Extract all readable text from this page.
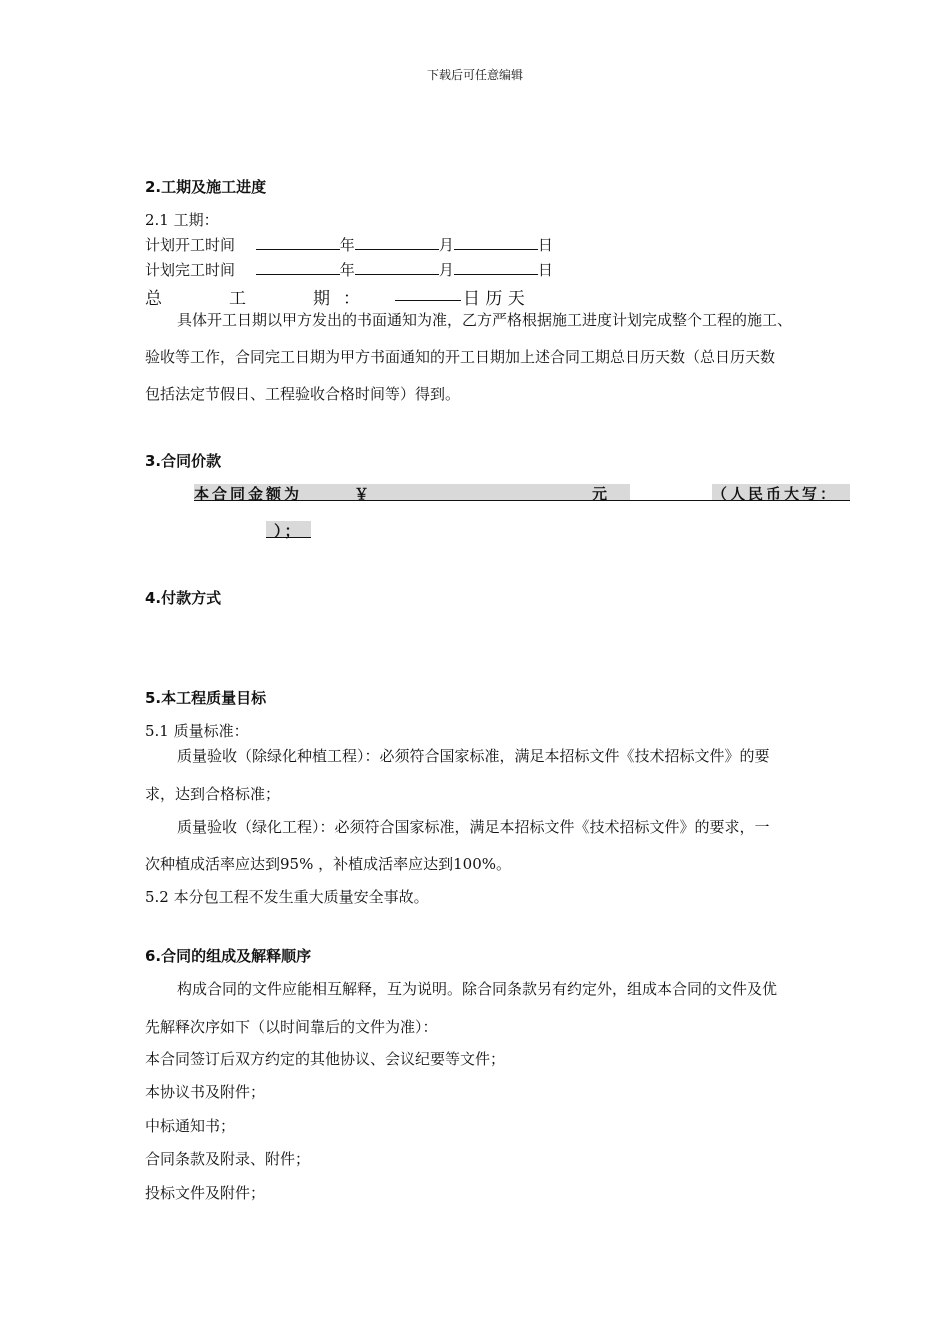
下载后可任意编辑
2.工期及施工进度
2.1 工期：
计划开工时间	年	月	日
计划完工时间	年	月	日
总	工	期 ：	日 历 天
具体开工日期以甲方发出的书面通知为准，乙方严格根据施工进度计划完成整个工程的施工、
验收等工作，合同完工日期为甲方书面通知的开工日期加上述合同工期总日历天数（总日历天数
包括法定节假日、工程验收合格时间等）得到。
3.合同价款
本合同金额为	￥	元	（人民币大写：
）；
4.付款方式
5.本工程质量目标
5.1 质量标准：
质量验收（除绿化种植工程）：必须符合国家标准，满足本招标文件《技术招标文件》的要
求，达到合格标准；
质量验收（绿化工程）：必须符合国家标准，满足本招标文件《技术招标文件》的要求，一
次种植成活率应达到95% ，补植成活率应达到100%。
5.2 本分包工程不发生重大质量安全事故。
6.合同的组成及解释顺序
构成合同的文件应能相互解释，互为说明。除合同条款另有约定外，组成本合同的文件及优
先解释次序如下（以时间靠后的文件为准）：
本合同签订后双方约定的其他协议、会议纪要等文件；
本协议书及附件；
中标通知书；
合同条款及附录、附件；
投标文件及附件；
